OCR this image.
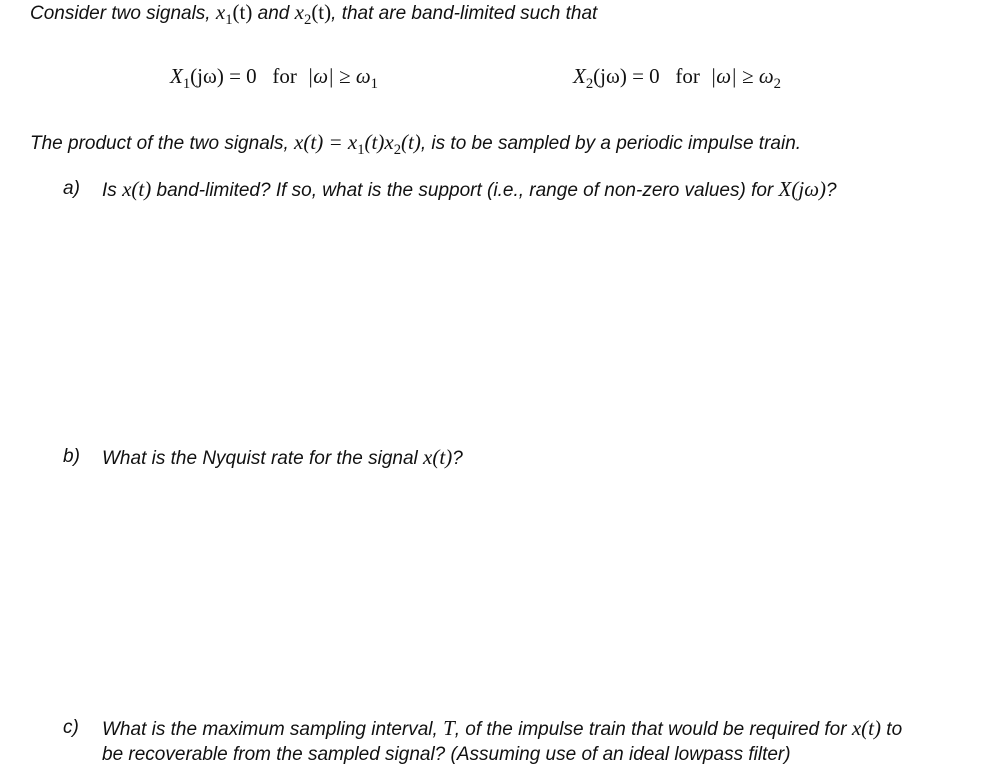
Consider two signals, $x_1(t)$ and $x_2(t)$, that are band-limited such that
$X_1(j\omega) = 0$ for $|\omega| \ge \omega_1$	$X_2(j\omega) = 0$ for $|\omega| \ge \omega_2$
The product of the two signals, $x(t) = x_1(t)x_2(t)$, is to be sampled by a periodic impulse train.
a) Is x(t) band-limited? If so, what is the support (i.e., range of non-zero values) for X(jω)?
b) What is the Nyquist rate for the signal x(t)?
c) What is the maximum sampling interval, T, of the impulse train that would be required for x(t) to
be recoverable from the sampled signal? (Assuming use of an ideal lowpass filter)
